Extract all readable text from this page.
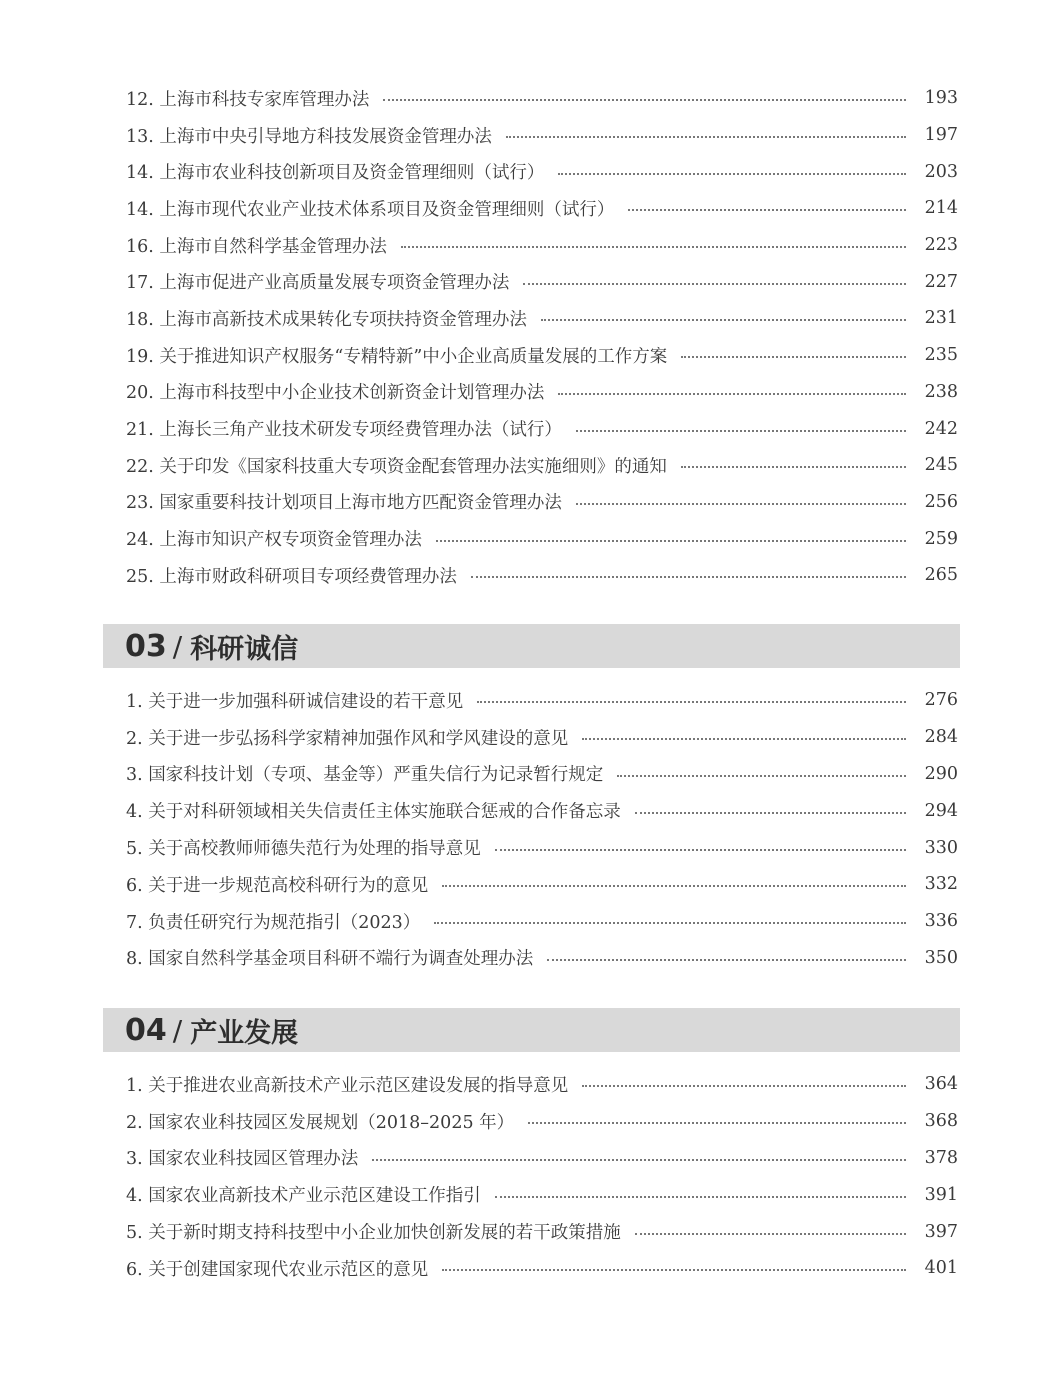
12. 上海市科技专家库管理办法	193
13. 上海市中央引导地方科技发展资金管理办法	197
14. 上海市农业科技创新项目及资金管理细则（试行）	203
14. 上海市现代农业产业技术体系项目及资金管理细则（试行）	214
16. 上海市自然科学基金管理办法	223
17. 上海市促进产业高质量发展专项资金管理办法	227
18. 上海市高新技术成果转化专项扶持资金管理办法	231
19. 关于推进知识产权服务“专精特新”中小企业高质量发展的工作方案	235
20. 上海市科技型中小企业技术创新资金计划管理办法	238
21. 上海长三角产业技术研发专项经费管理办法（试行）	242
22. 关于印发《国家科技重大专项资金配套管理办法实施细则》的通知	245
23. 国家重要科技计划项目上海市地方匹配资金管理办法	256
24. 上海市知识产权专项资金管理办法	259
25. 上海市财政科研项目专项经费管理办法	265
03 / 科研诚信
1. 关于进一步加强科研诚信建设的若干意见	276
2. 关于进一步弘扬科学家精神加强作风和学风建设的意见	284
3. 国家科技计划（专项、基金等）严重失信行为记录暂行规定	290
4. 关于对科研领域相关失信责任主体实施联合惩戒的合作备忘录	294
5. 关于高校教师师德失范行为处理的指导意见	330
6. 关于进一步规范高校科研行为的意见	332
7. 负责任研究行为规范指引（2023）	336
8. 国家自然科学基金项目科研不端行为调查处理办法	350
04 / 产业发展
1. 关于推进农业高新技术产业示范区建设发展的指导意见	364
2. 国家农业科技园区发展规划（2018–2025 年）	368
3. 国家农业科技园区管理办法	378
4. 国家农业高新技术产业示范区建设工作指引	391
5. 关于新时期支持科技型中小企业加快创新发展的若干政策措施	397
6. 关于创建国家现代农业示范区的意见	401
